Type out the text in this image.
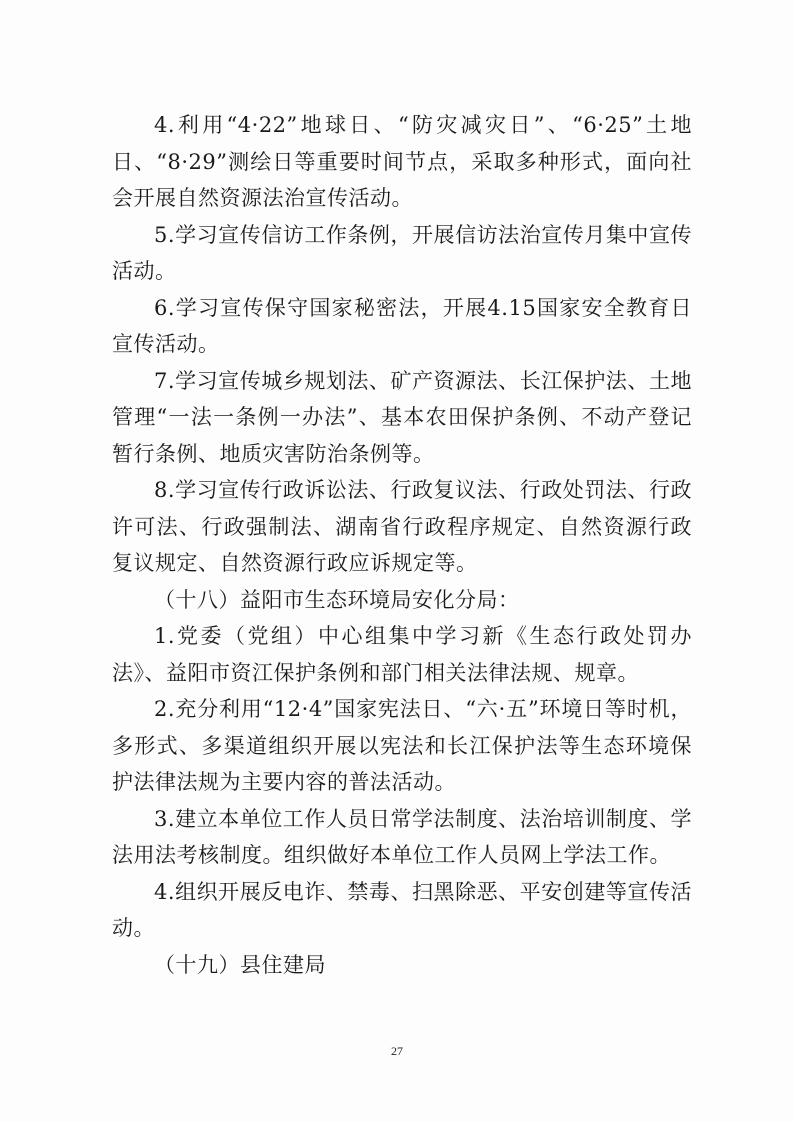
4.利用“4·22”地球日、“防灾减灾日”、“6·25”土地日、“8·29”测绘日等重要时间节点，采取多种形式，面向社会开展自然资源法治宣传活动。

5.学习宣传信访工作条例，开展信访法治宣传月集中宣传活动。

6.学习宣传保守国家秘密法，开展4.15国家安全教育日宣传活动。

7.学习宣传城乡规划法、矿产资源法、长江保护法、土地管理“一法一条例一办法”、基本农田保护条例、不动产登记暂行条例、地质灾害防治条例等。

8.学习宣传行政诉讼法、行政复议法、行政处罚法、行政许可法、行政强制法、湖南省行政程序规定、自然资源行政复议规定、自然资源行政应诉规定等。

（十八）益阳市生态环境局安化分局：

1.党委（党组）中心组集中学习新《生态行政处罚办法》、益阳市资江保护条例和部门相关法律法规、规章。

2.充分利用“12·4”国家宪法日、“六·五”环境日等时机，多形式、多渠道组织开展以宪法和长江保护法等生态环境保护法律法规为主要内容的普法活动。

3.建立本单位工作人员日常学法制度、法治培训制度、学法用法考核制度。组织做好本单位工作人员网上学法工作。

4.组织开展反电诈、禁毒、扫黑除恶、平安创建等宣传活动。

（十九）县住建局

27
